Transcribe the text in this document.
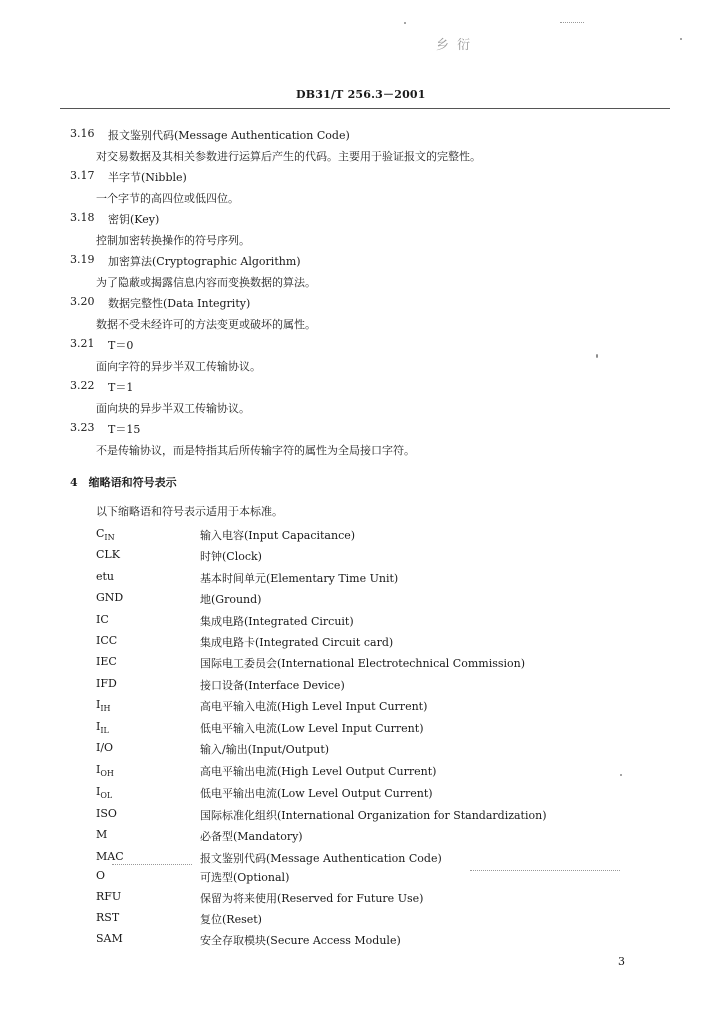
乡 衍
DB31/T 256.3－2001
3.16 报文鉴别代码(Message Authentication Code)
对交易数据及其相关参数进行运算后产生的代码。主要用于验证报文的完整性。
3.17 半字节(Nibble)
一个字节的高四位或低四位。
3.18 密钥(Key)
控制加密转换操作的符号序列。
3.19 加密算法(Cryptographic Algorithm)
为了隐蔽或揭露信息内容而变换数据的算法。
3.20 数据完整性(Data Integrity)
数据不受未经许可的方法变更或破坏的属性。
3.21 T＝0
面向字符的异步半双工传输协议。
3.22 T＝1
面向块的异步半双工传输协议。
3.23 T＝15
不是传输协议，而是特指其后所传输字符的属性为全局接口字符。
4　缩略语和符号表示
以下缩略语和符号表示适用于本标准。
$C_{IN}$	输入电容(Input Capacitance)
CLK	时钟(Clock)
etu	基本时间单元(Elementary Time Unit)
GND	地(Ground)
IC	集成电路(Integrated Circuit)
ICC	集成电路卡(Integrated Circuit card)
IEC	国际电工委员会(International Electrotechnical Commission)
IFD	接口设备(Interface Device)
$I_{IH}$	高电平输入电流(High Level Input Current)
$I_{IL}$	低电平输入电流(Low Level Input Current)
I/O	输入/输出(Input/Output)
$I_{OH}$	高电平输出电流(High Level Output Current)
$I_{OL}$	低电平输出电流(Low Level Output Current)
ISO	国际标准化组织(International Organization for Standardization)
M	必备型(Mandatory)
MAC	报文鉴别代码(Message Authentication Code)
O	可选型(Optional)
RFU	保留为将来使用(Reserved for Future Use)
RST	复位(Reset)
SAM	安全存取模块(Secure Access Module)
3
